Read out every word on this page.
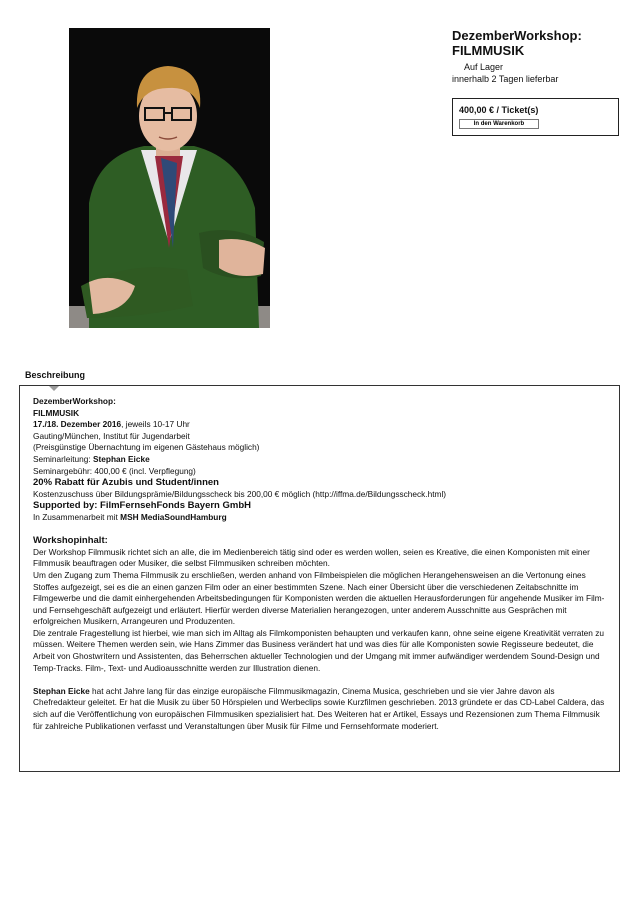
DezemberWorkshop:
FILMMUSIK
Auf Lager
innerhalb 2 Tagen lieferbar
400,00 € / Ticket(s)
In den Warenkorb
Beschreibung

DezemberWorkshop:

FILMMUSIK

17./18. Dezember 2016, jeweils 10-17 Uhr

Gauting/München, Institut für Jugendarbeit

(Preisgünstige Übernachtung im eigenen Gästehaus möglich)

Seminarleitung: Stephan Eicke

Seminargebühr: 400,00 € (incl. Verpflegung)

20% Rabatt für Azubis und Student/innen

Kostenzuschuss über Bildungsprämie/Bildungsscheck bis 200,00 € möglich (http://iffma.de/Bildungsscheck.html)

Supported by: FilmFernsehFonds Bayern GmbH

In Zusammenarbeit mit MSH MediaSoundHamburg

Workshopinhalt:

Der Workshop Filmmusik richtet sich an alle, die im Medienbereich tätig sind oder es werden wollen, seien es Kreative, die einen Komponisten mit einer Filmmusik beauftragen oder Musiker, die selbst Filmmusiken schreiben möchten.

Um den Zugang zum Thema Filmmusik zu erschließen, werden anhand von Filmbeispielen die möglichen Herangehensweisen an die Vertonung eines Stoffes aufgezeigt, sei es die an einen ganzen Film oder an einer bestimmten Szene. Nach einer Übersicht über die verschiedenen Zeitabschnitte im Filmgewerbe und die damit einhergehenden Arbeitsbedingungen für Komponisten werden die aktuellen Herausforderungen für angehende Musiker im Film- und Fernsehgeschäft aufgezeigt und erläutert. Hierfür werden diverse Materialien herangezogen, unter anderem Ausschnitte aus Gesprächen mit erfolgreichen Musikern, Arrangeuren und Produzenten.

Die zentrale Fragestellung ist hierbei, wie man sich im Alltag als Filmkomponisten behaupten und verkaufen kann, ohne seine eigene Kreativität verraten zu müssen. Weitere Themen werden sein, wie Hans Zimmer das Business verändert hat und was dies für alle Komponisten sowie Regisseure bedeutet, die Arbeit von Ghostwritern und Assistenten, das Beherrschen aktueller Technologien und der Umgang mit immer aufwändiger werdendem Sound-Design und Temp-Tracks. Film-, Text- und Audioausschnitte werden zur Illustration dienen.

Stephan Eicke hat acht Jahre lang für das einzige europäische Filmmusikmagazin, Cinema Musica, geschrieben und sie vier Jahre davon als Chefredakteur geleitet. Er hat die Musik zu über 50 Hörspielen und Werbeclips sowie Kurzfilmen geschrieben. 2013 gründete er das CD-Label Caldera, das sich auf die Veröffentlichung von europäischen Filmmusiken spezialisiert hat. Des Weiteren hat er Artikel, Essays und Rezensionen zum Thema Filmmusik für zahlreiche Publikationen verfasst und Veranstaltungen über Musik für Filme und Fernsehformate moderiert.
